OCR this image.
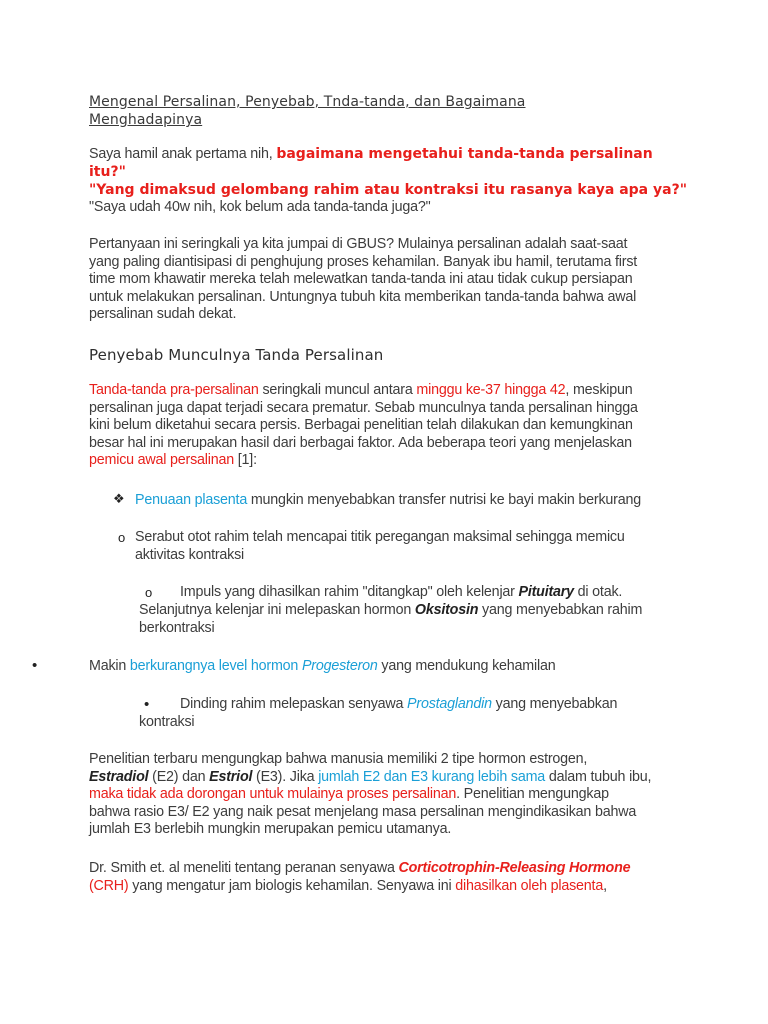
Mengenal Persalinan, Penyebab, Tnda-tanda, dan Bagaimana
Menghadapinya
Saya hamil anak pertama nih, bagaimana mengetahui tanda-tanda persalinan
itu?"
"Yang dimaksud gelombang rahim atau kontraksi itu rasanya kaya apa ya?"
"Saya udah 40w nih, kok belum ada tanda-tanda juga?"
Pertanyaan ini seringkali ya kita jumpai di GBUS? Mulainya persalinan adalah saat-saat
yang paling diantisipasi di penghujung proses kehamilan. Banyak ibu hamil, terutama first
time mom khawatir mereka telah melewatkan tanda-tanda ini atau tidak cukup persiapan
untuk melakukan persalinan. Untungnya tubuh kita memberikan tanda-tanda bahwa awal
persalinan sudah dekat.
Penyebab Munculnya Tanda Persalinan
Tanda-tanda pra-persalinan seringkali muncul antara minggu ke-37 hingga 42, meskipun
persalinan juga dapat terjadi secara prematur. Sebab munculnya tanda persalinan hingga
kini belum diketahui secara persis. Berbagai penelitian telah dilakukan dan kemungkinan
besar hal ini merupakan hasil dari berbagai faktor. Ada beberapa teori yang menjelaskan
pemicu awal persalinan [1]:
❖ Penuaan plasenta mungkin menyebabkan transfer nutrisi ke bayi makin berkurang
o Serabut otot rahim telah mencapai titik peregangan maksimal sehingga memicu
aktivitas kontraksi
o Impuls yang dihasilkan rahim "ditangkap" oleh kelenjar Pituitary di otak.
Selanjutnya kelenjar ini melepaskan hormon Oksitosin yang menyebabkan rahim
berkontraksi
•	Makin berkurangnya level hormon Progesteron yang mendukung kehamilan
• Dinding rahim melepaskan senyawa Prostaglandin yang menyebabkan
kontraksi
Penelitian terbaru mengungkap bahwa manusia memiliki 2 tipe hormon estrogen,
Estradiol (E2) dan Estriol (E3). Jika jumlah E2 dan E3 kurang lebih sama dalam tubuh ibu,
maka tidak ada dorongan untuk mulainya proses persalinan. Penelitian mengungkap
bahwa rasio E3/ E2 yang naik pesat menjelang masa persalinan mengindikasikan bahwa
jumlah E3 berlebih mungkin merupakan pemicu utamanya.
Dr. Smith et. al meneliti tentang peranan senyawa Corticotrophin-Releasing Hormone
(CRH) yang mengatur jam biologis kehamilan. Senyawa ini dihasilkan oleh plasenta,
